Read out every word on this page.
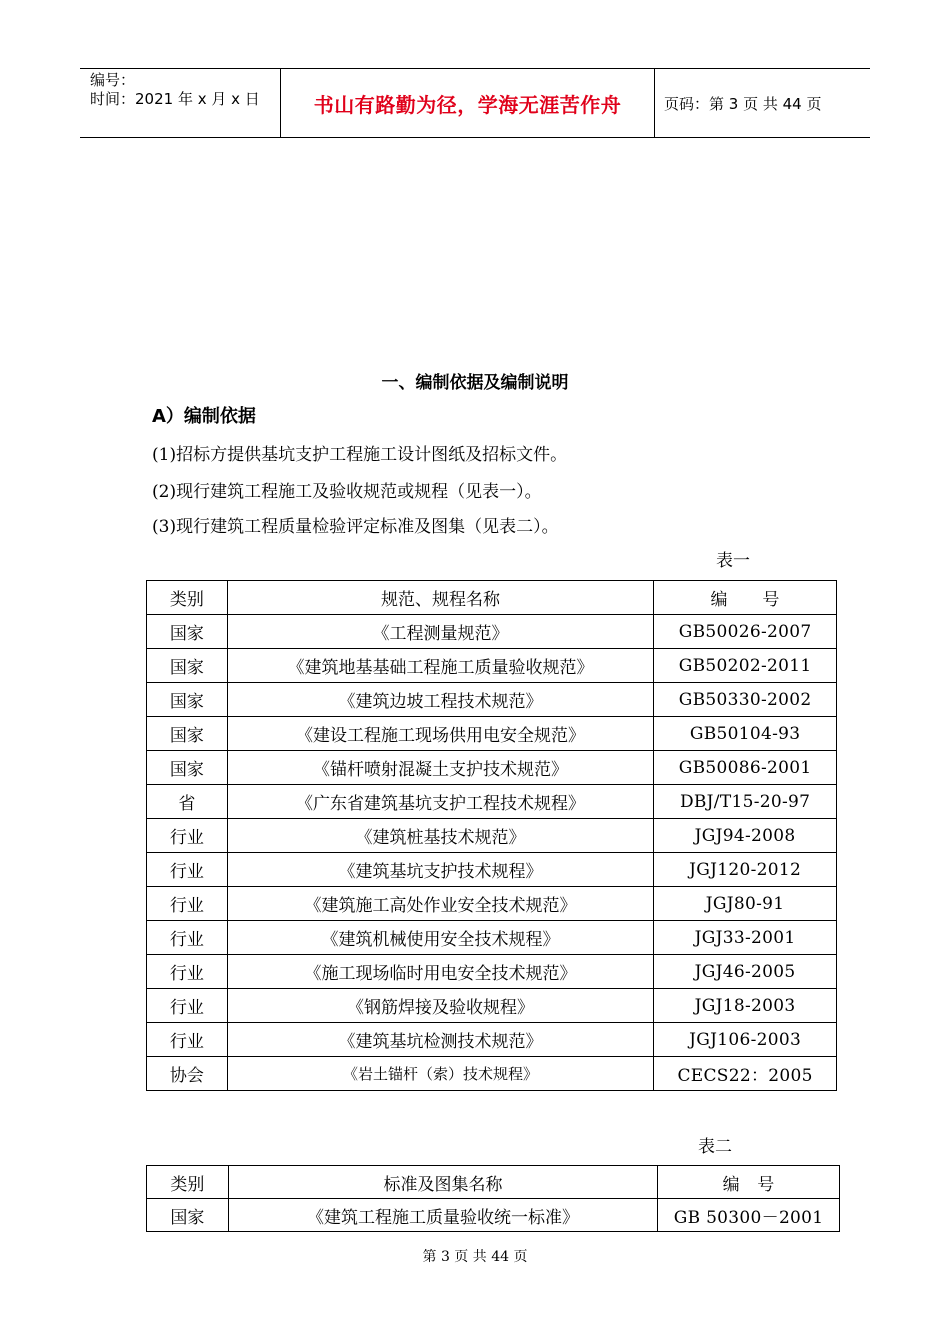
编号：
时间：2021 年 x 月 x 日	书山有路勤为径，学海无涯苦作舟	页码：第 3 页 共 44 页
一、编制依据及编制说明
A）编制依据
(1)招标方提供基坑支护工程施工设计图纸及招标文件。
(2)现行建筑工程施工及验收规范或规程（见表一）。
(3)现行建筑工程质量检验评定标准及图集（见表二）。
表一
类别	规范、规程名称	编　　号
国家	《工程测量规范》	GB50026-2007
国家	《建筑地基基础工程施工质量验收规范》	GB50202-2011
国家	《建筑边坡工程技术规范》	GB50330-2002
国家	《建设工程施工现场供用电安全规范》	GB50104-93
国家	《锚杆喷射混凝土支护技术规范》	GB50086-2001
省	《广东省建筑基坑支护工程技术规程》	DBJ/T15-20-97
行业	《建筑桩基技术规范》	JGJ94-2008
行业	《建筑基坑支护技术规程》	JGJ120-2012
行业	《建筑施工高处作业安全技术规范》	JGJ80-91
行业	《建筑机械使用安全技术规程》	JGJ33-2001
行业	《施工现场临时用电安全技术规范》	JGJ46-2005
行业	《钢筋焊接及验收规程》	JGJ18-2003
行业	《建筑基坑检测技术规范》	JGJ106-2003
协会	《岩土锚杆（索）技术规程》	CECS22：2005
表二
类别	标准及图集名称	编　号
国家	《建筑工程施工质量验收统一标准》	GB 50300－2001
第 3 页 共 44 页
